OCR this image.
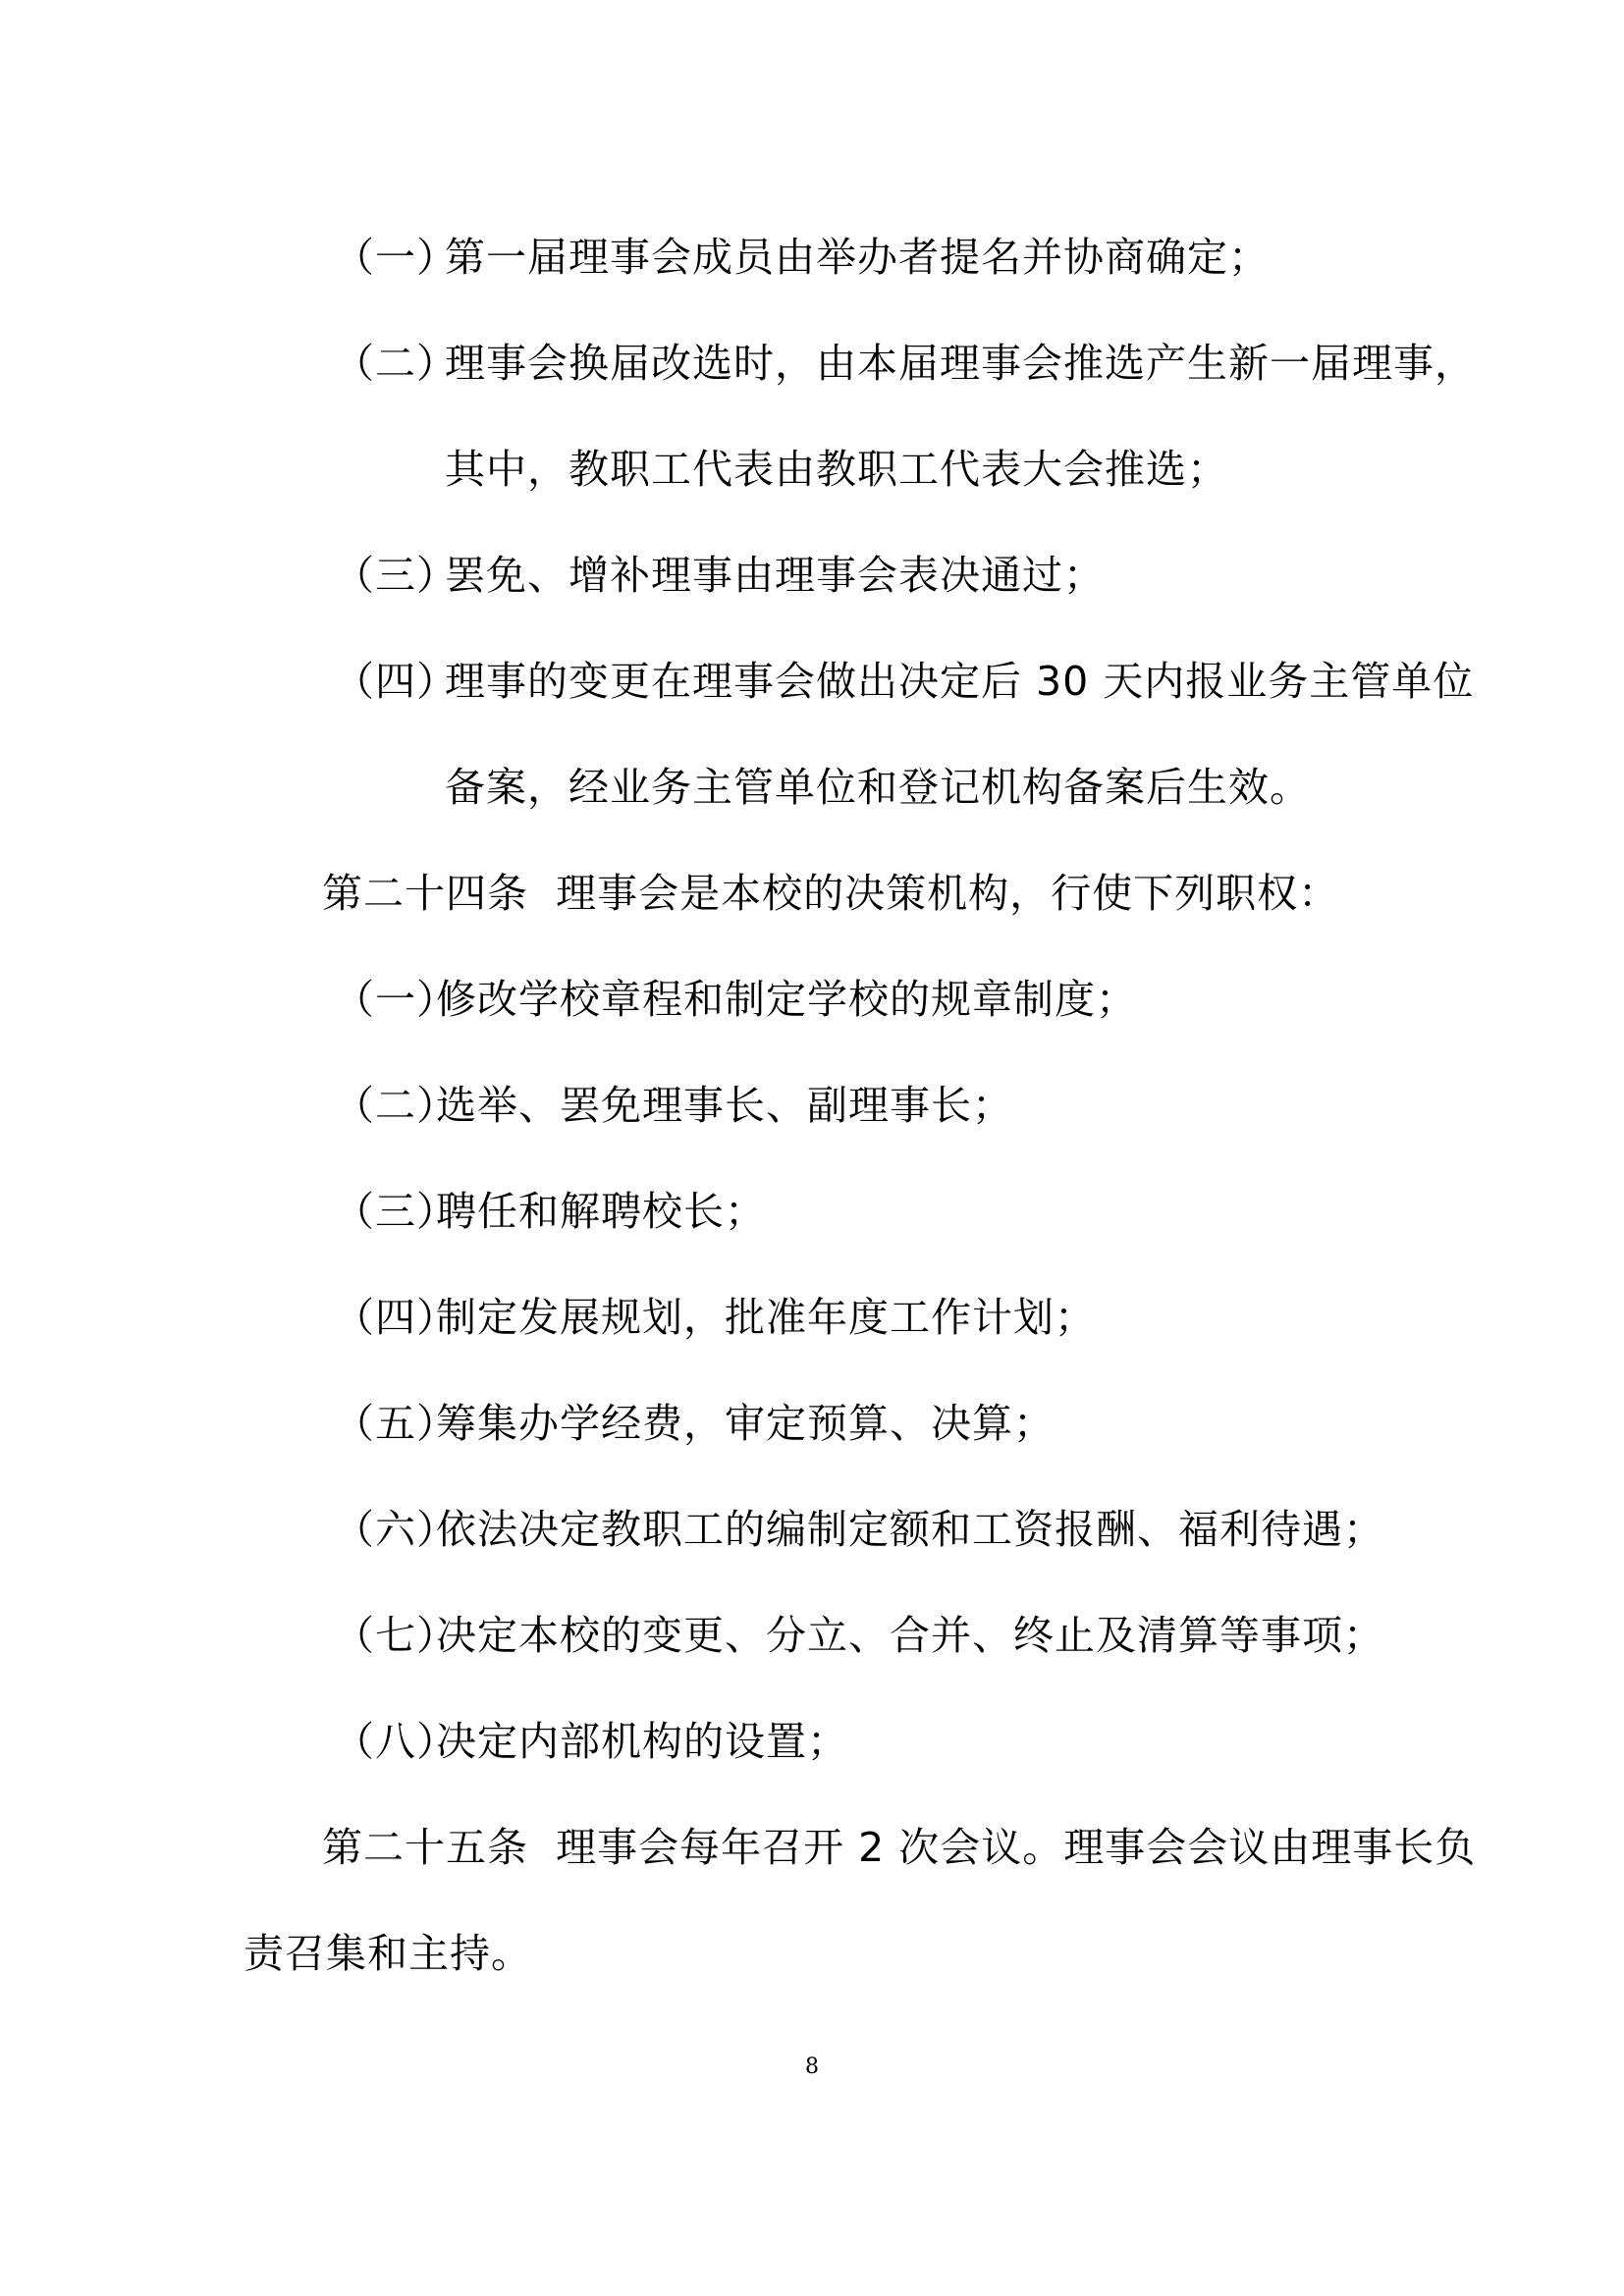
（一）第一届理事会成员由举办者提名并协商确定；
（二）理事会换届改选时，由本届理事会推选产生新一届理事，
其中，教职工代表由教职工代表大会推选；
（三）罢免、增补理事由理事会表决通过；
（四）理事的变更在理事会做出决定后 30 天内报业务主管单位
备案，经业务主管单位和登记机构备案后生效。
第二十四条  理事会是本校的决策机构，行使下列职权：
（一）修改学校章程和制定学校的规章制度；
（二）选举、罢免理事长、副理事长；
（三）聘任和解聘校长；
（四）制定发展规划，批准年度工作计划；
（五）筹集办学经费，审定预算、决算；
（六）依法决定教职工的编制定额和工资报酬、福利待遇；
（七）决定本校的变更、分立、合并、终止及清算等事项；
（八）决定内部机构的设置；
第二十五条  理事会每年召开 2 次会议。理事会会议由理事长负
责召集和主持。
8
